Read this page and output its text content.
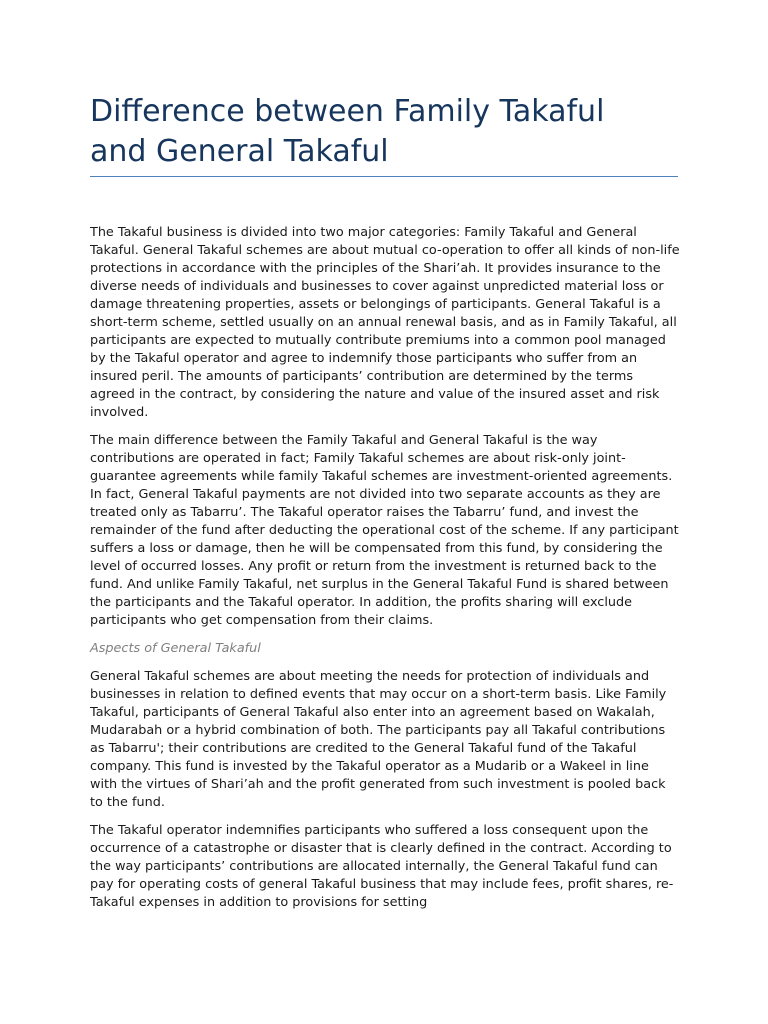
Difference between Family Takaful
and General Takaful

The Takaful business is divided into two major categories: Family Takaful and General Takaful. General Takaful schemes are about mutual co-operation to offer all kinds of non-life protections in accordance with the principles of the Shari’ah. It provides insurance to the diverse needs of individuals and businesses to cover against unpredicted material loss or damage threatening properties, assets or belongings of participants. General Takaful is a short-term scheme, settled usually on an annual renewal basis, and as in Family Takaful, all participants are expected to mutually contribute premiums into a common pool managed by the Takaful operator and agree to indemnify those participants who suffer from an insured peril. The amounts of participants’ contribution are determined by the terms agreed in the contract, by considering the nature and value of the insured asset and risk involved.

The main difference between the Family Takaful and General Takaful is the way contributions are operated in fact; Family Takaful schemes are about risk-only joint-guarantee agreements while family Takaful schemes are investment-oriented agreements. In fact, General Takaful payments are not divided into two separate accounts as they are treated only as Tabarru’. The Takaful operator raises the Tabarru’ fund, and invest the remainder of the fund after deducting the operational cost of the scheme. If any participant suffers a loss or damage, then he will be compensated from this fund, by considering the level of occurred losses. Any profit or return from the investment is returned back to the fund. And unlike Family Takaful, net surplus in the General Takaful Fund is shared between the participants and the Takaful operator. In addition, the profits sharing will exclude participants who get compensation from their claims.

Aspects of General Takaful

General Takaful schemes are about meeting the needs for protection of individuals and businesses in relation to defined events that may occur on a short-term basis. Like Family Takaful, participants of General Takaful also enter into an agreement based on Wakalah, Mudarabah or a hybrid combination of both. The participants pay all Takaful contributions as Tabarru'; their contributions are credited to the General Takaful fund of the Takaful company. This fund is invested by the Takaful operator as a Mudarib or a Wakeel in line with the virtues of Shari’ah and the profit generated from such investment is pooled back to the fund.

The Takaful operator indemnifies participants who suffered a loss consequent upon the occurrence of a catastrophe or disaster that is clearly defined in the contract. According to the way participants’ contributions are allocated internally, the General Takaful fund can pay for operating costs of general Takaful business that may include fees, profit shares, re-Takaful expenses in addition to provisions for setting
